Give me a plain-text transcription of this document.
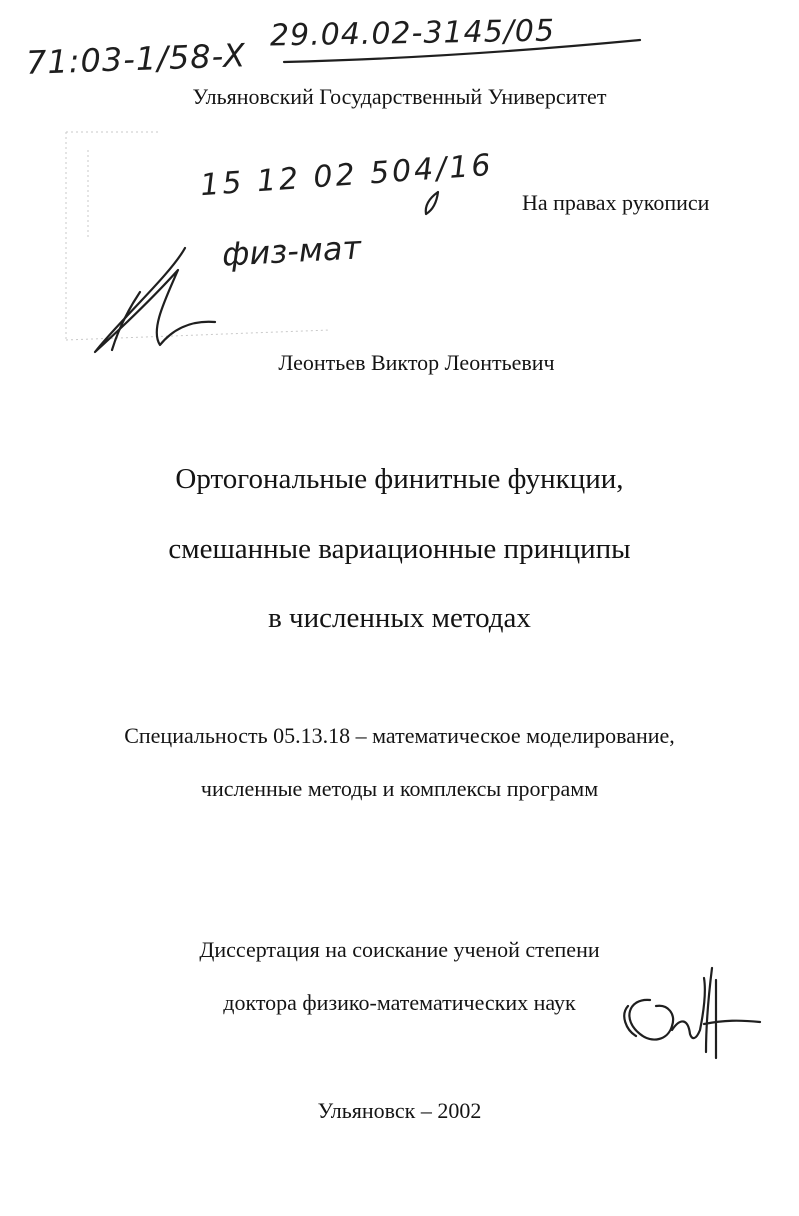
71:03-1/58-X
29.04.02-3145/05
15 12 02 504/16
физ-мат
Ульяновский Государственный Университет
На правах рукописи
Леонтьев Виктор Леонтьевич
Ортогональные финитные функции,
смешанные вариационные принципы
в численных методах
Специальность 05.13.18 – математическое моделирование,
численные методы и комплексы программ
Диссертация на соискание ученой степени
доктора физико-математических наук
Ульяновск – 2002
